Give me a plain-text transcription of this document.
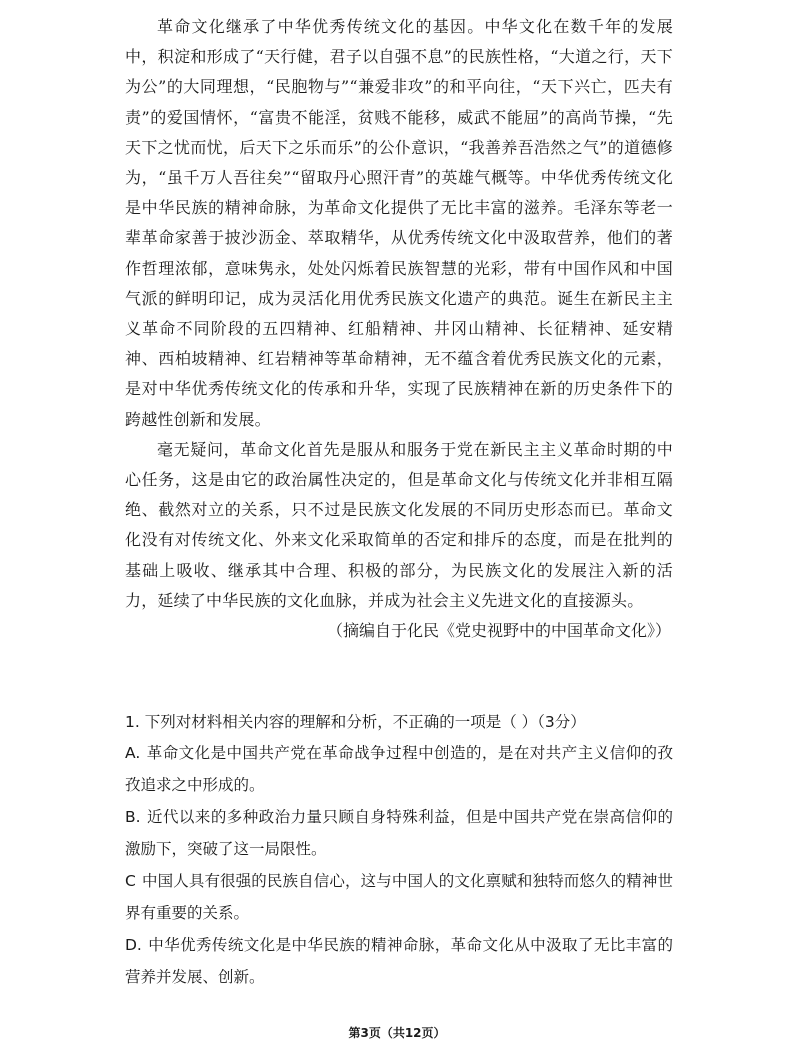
革命文化继承了中华优秀传统文化的基因。中华文化在数千年的发展中，积淀和形成了“天行健，君子以自强不息”的民族性格，“大道之行，天下为公”的大同理想，“民胞物与”“兼爱非攻”的和平向往，“天下兴亡，匹夫有责”的爱国情怀，“富贵不能淫，贫贱不能移，威武不能屈”的高尚节操，“先天下之忧而忧，后天下之乐而乐”的公仆意识，“我善养吾浩然之气”的道德修为，“虽千万人吾往矣”“留取丹心照汗青”的英雄气概等。中华优秀传统文化是中华民族的精神命脉，为革命文化提供了无比丰富的滋养。毛泽东等老一辈革命家善于披沙沥金、萃取精华，从优秀传统文化中汲取营养，他们的著作哲理浓郁，意味隽永，处处闪烁着民族智慧的光彩，带有中国作风和中国气派的鲜明印记，成为灵活化用优秀民族文化遗产的典范。诞生在新民主主义革命不同阶段的五四精神、红船精神、井冈山精神、长征精神、延安精神、西柏坡精神、红岩精神等革命精神，无不蕴含着优秀民族文化的元素，是对中华优秀传统文化的传承和升华，实现了民族精神在新的历史条件下的跨越性创新和发展。

毫无疑问，革命文化首先是服从和服务于党在新民主主义革命时期的中心任务，这是由它的政治属性决定的，但是革命文化与传统文化并非相互隔绝、截然对立的关系，只不过是民族文化发展的不同历史形态而已。革命文化没有对传统文化、外来文化采取简单的否定和排斥的态度，而是在批判的基础上吸收、继承其中合理、积极的部分，为民族文化的发展注入新的活力，延续了中华民族的文化血脉，并成为社会主义先进文化的直接源头。

（摘编自于化民《党史视野中的中国革命文化》）

1. 下列对材料相关内容的理解和分析，不正确的一项是（ ）（3分）

A. 革命文化是中国共产党在革命战争过程中创造的，是在对共产主义信仰的孜孜追求之中形成的。

B. 近代以来的多种政治力量只顾自身特殊利益，但是中国共产党在崇高信仰的激励下，突破了这一局限性。

C 中国人具有很强的民族自信心，这与中国人的文化禀赋和独特而悠久的精神世界有重要的关系。

D. 中华优秀传统文化是中华民族的精神命脉，革命文化从中汲取了无比丰富的营养并发展、创新。

第3页（共12页）
